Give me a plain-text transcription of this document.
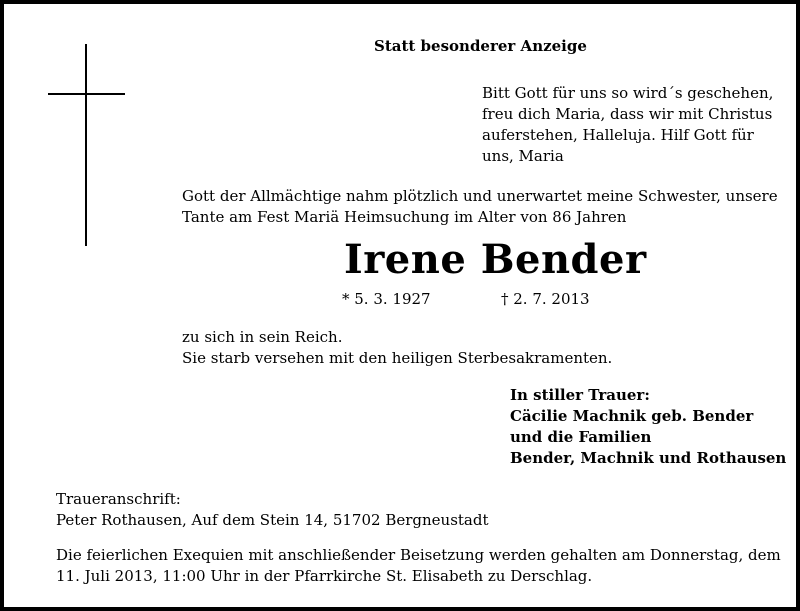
Statt besonderer Anzeige
Bitt Gott für uns so wird´s geschehen,
freu dich Maria, dass wir mit Christus
auferstehen, Halleluja. Hilf Gott für
uns, Maria
Gott der Allmächtige nahm plötzlich und unerwartet meine Schwester, unsere
Tante am Fest Mariä Heimsuchung im Alter von 86 Jahren
Irene Bender
* 5. 3. 1927	† 2. 7. 2013
zu sich in sein Reich.
Sie starb versehen mit den heiligen Sterbesakramenten.
In stiller Trauer:
Cäcilie Machnik geb. Bender
und die Familien
Bender, Machnik und Rothausen
Traueranschrift:
Peter Rothausen, Auf dem Stein 14, 51702 Bergneustadt
Die feierlichen Exequien mit anschließender Beisetzung werden gehalten am Donnerstag, dem
11. Juli 2013, 11:00 Uhr in der Pfarrkirche St. Elisabeth zu Derschlag.
